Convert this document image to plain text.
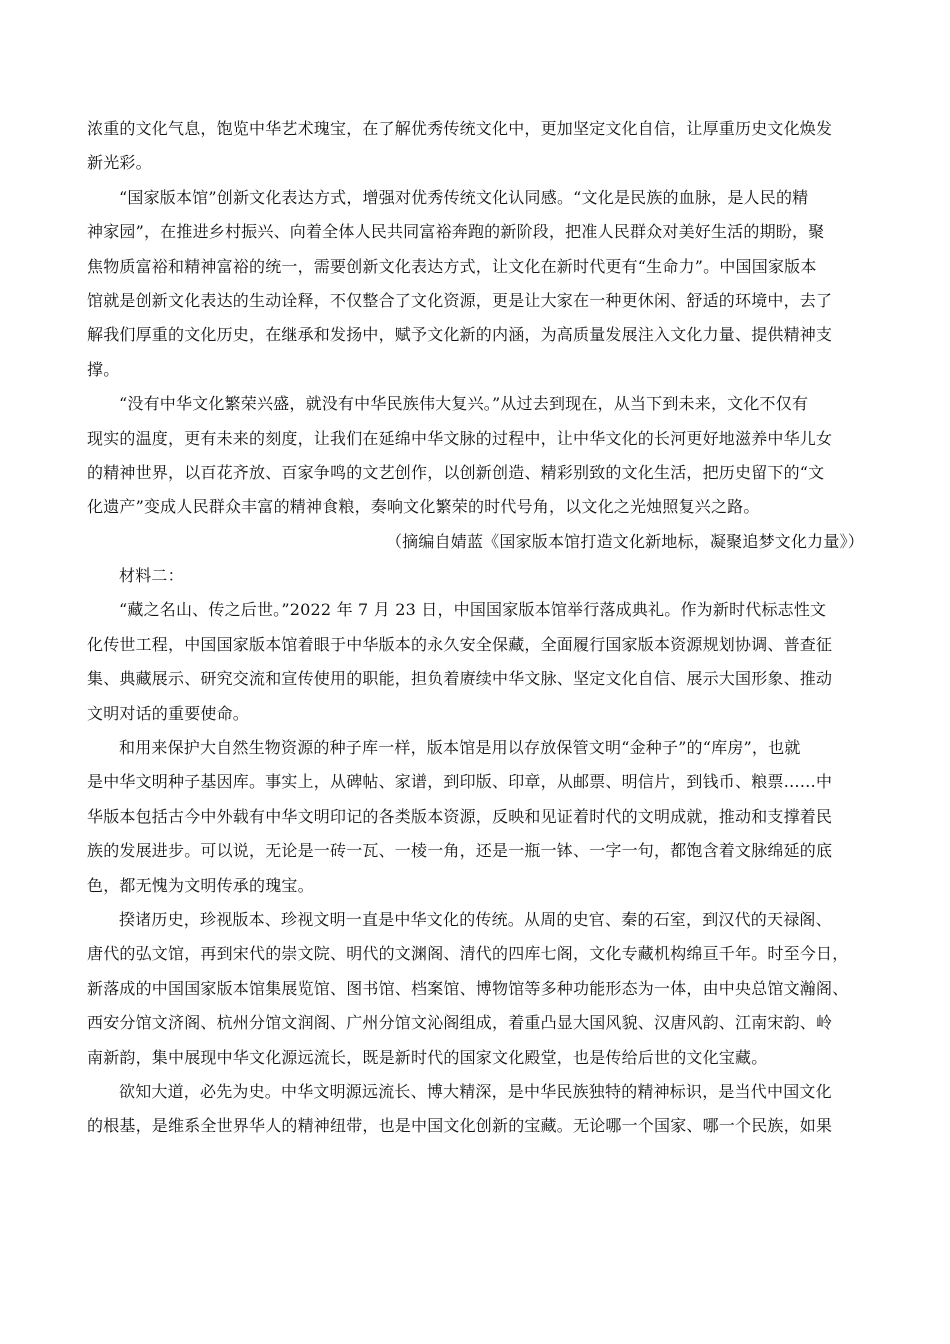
浓重的文化气息，饱览中华艺术瑰宝，在了解优秀传统文化中，更加坚定文化自信，让厚重历史文化焕发
新光彩。
“国家版本馆”创新文化表达方式，增强对优秀传统文化认同感。“文化是民族的血脉，是人民的精
神家园”，在推进乡村振兴、向着全体人民共同富裕奔跑的新阶段，把准人民群众对美好生活的期盼，聚
焦物质富裕和精神富裕的统一，需要创新文化表达方式，让文化在新时代更有“生命力”。中国国家版本
馆就是创新文化表达的生动诠释，不仅整合了文化资源，更是让大家在一种更休闲、舒适的环境中，去了
解我们厚重的文化历史，在继承和发扬中，赋予文化新的内涵，为高质量发展注入文化力量、提供精神支
撑。
“没有中华文化繁荣兴盛，就没有中华民族伟大复兴。”从过去到现在，从当下到未来，文化不仅有
现实的温度，更有未来的刻度，让我们在延绵中华文脉的过程中，让中华文化的长河更好地滋养中华儿女
的精神世界，以百花齐放、百家争鸣的文艺创作，以创新创造、精彩别致的文化生活，把历史留下的“文
化遗产”变成人民群众丰富的精神食粮，奏响文化繁荣的时代号角，以文化之光烛照复兴之路。
（摘编自婧蓝《国家版本馆打造文化新地标，凝聚追梦文化力量》）
材料二：
“藏之名山、传之后世。”2022 年 7 月 23 日，中国国家版本馆举行落成典礼。作为新时代标志性文
化传世工程，中国国家版本馆着眼于中华版本的永久安全保藏，全面履行国家版本资源规划协调、普查征
集、典藏展示、研究交流和宣传使用的职能，担负着赓续中华文脉、坚定文化自信、展示大国形象、推动
文明对话的重要使命。
和用来保护大自然生物资源的种子库一样，版本馆是用以存放保管文明“金种子”的“库房”，也就
是中华文明种子基因库。事实上，从碑帖、家谱，到印版、印章，从邮票、明信片，到钱币、粮票……中
华版本包括古今中外载有中华文明印记的各类版本资源，反映和见证着时代的文明成就，推动和支撑着民
族的发展进步。可以说，无论是一砖一瓦、一棱一角，还是一瓶一钵、一字一句，都饱含着文脉绵延的底
色，都无愧为文明传承的瑰宝。
揆诸历史，珍视版本、珍视文明一直是中华文化的传统。从周的史官、秦的石室，到汉代的天禄阁、
唐代的弘文馆，再到宋代的崇文院、明代的文渊阁、清代的四库七阁，文化专藏机构绵亘千年。时至今日，
新落成的中国国家版本馆集展览馆、图书馆、档案馆、博物馆等多种功能形态为一体，由中央总馆文瀚阁、
西安分馆文济阁、杭州分馆文润阁、广州分馆文沁阁组成，着重凸显大国风貌、汉唐风韵、江南宋韵、岭
南新韵，集中展现中华文化源远流长，既是新时代的国家文化殿堂，也是传给后世的文化宝藏。
欲知大道，必先为史。中华文明源远流长、博大精深，是中华民族独特的精神标识，是当代中国文化
的根基，是维系全世界华人的精神纽带，也是中国文化创新的宝藏。无论哪一个国家、哪一个民族，如果
